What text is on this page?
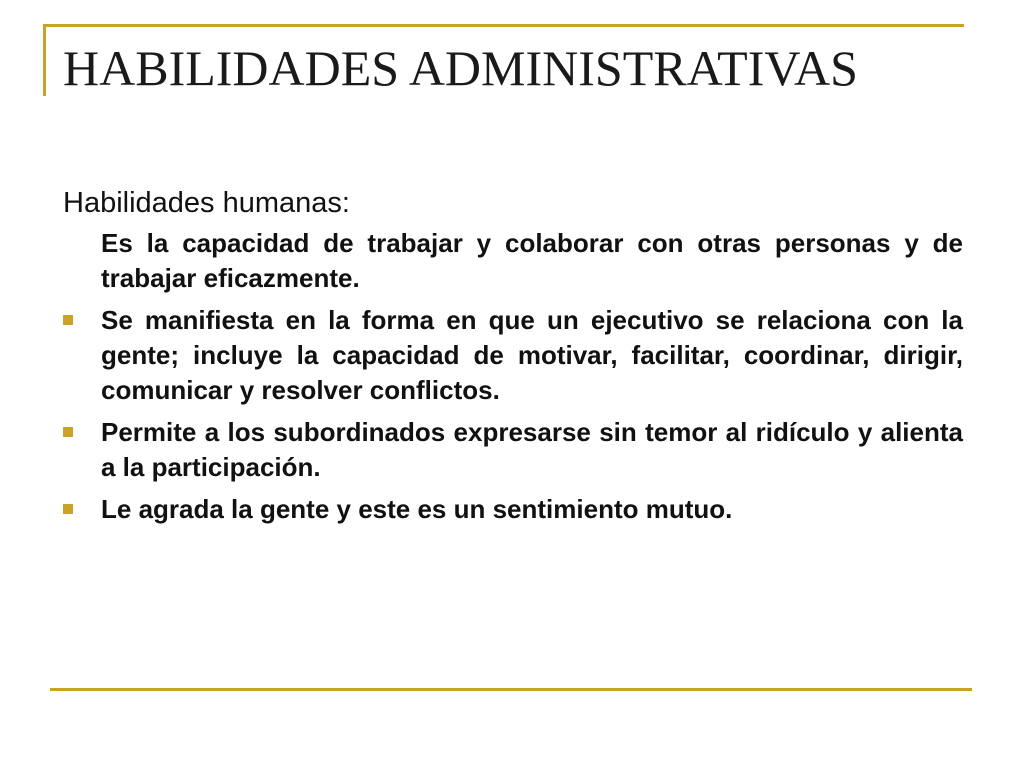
HABILIDADES ADMINISTRATIVAS

Habilidades humanas:

Es la capacidad de trabajar y colaborar con otras personas y de trabajar eficazmente.

Se manifiesta en la forma en que un ejecutivo se relaciona con la gente; incluye la capacidad de motivar, facilitar, coordinar, dirigir, comunicar y resolver conflictos.
Permite a los subordinados expresarse sin temor al ridículo y alienta a la participación.
Le agrada la gente y este es un sentimiento mutuo.
